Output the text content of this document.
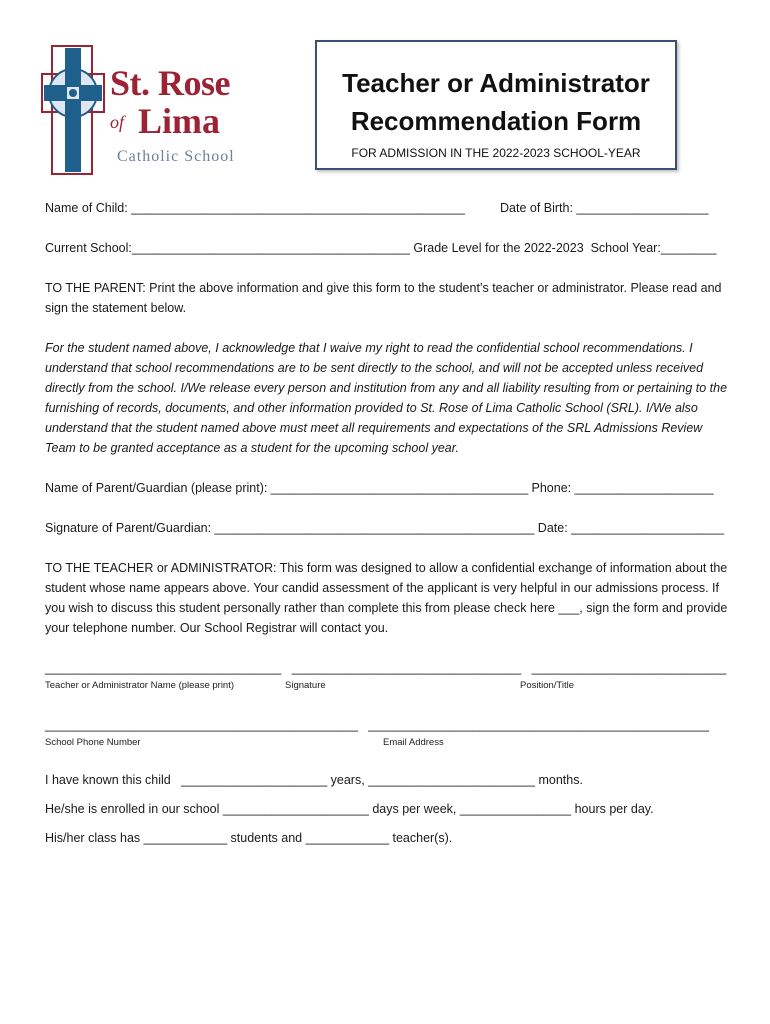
St. Rose
of Lima
Catholic School
Teacher or Administrator
Recommendation Form
FOR ADMISSION IN THE 2022-2023 SCHOOL-YEAR
Name of Child: ________________________________________________	Date of Birth: ___________________
Current School:________________________________________ Grade Level for the 2022-2023  School Year:________
TO THE PARENT: Print the above information and give this form to the student’s teacher or administrator. Please read and sign the statement below.
For the student named above, I acknowledge that I waive my right to read the confidential school recommendations. I understand that school recommendations are to be sent directly to the school, and will not be accepted unless received directly from the school. I/We release every person and institution from any and all liability resulting from or pertaining to the furnishing of records, documents, and other information provided to St. Rose of Lima Catholic School (SRL). I/We also understand that the student named above must meet all requirements and expectations of the SRL Admissions Review Team to be granted acceptance as a student for the upcoming school year.
Name of Parent/Guardian (please print): _____________________________________ Phone: ____________________
Signature of Parent/Guardian: ______________________________________________ Date: ______________________
TO THE TEACHER or ADMINISTRATOR: This form was designed to allow a confidential exchange of information about the student whose name appears above. Your candid assessment of the applicant is very helpful in our admissions process. If you wish to discuss this student personally rather than complete this from please check here ___, sign the form and provide your telephone number. Our School Registrar will contact you.
__________________________________   _________________________________   ____________________________
Teacher or Administrator Name (please print)	Signature	Position/Title
_____________________________________________   _________________________________________________
School Phone Number	Email Address
I have known this child   _____________________ years, ________________________ months.
He/she is enrolled in our school _____________________ days per week, ________________ hours per day.
His/her class has ____________ students and ____________ teacher(s).
